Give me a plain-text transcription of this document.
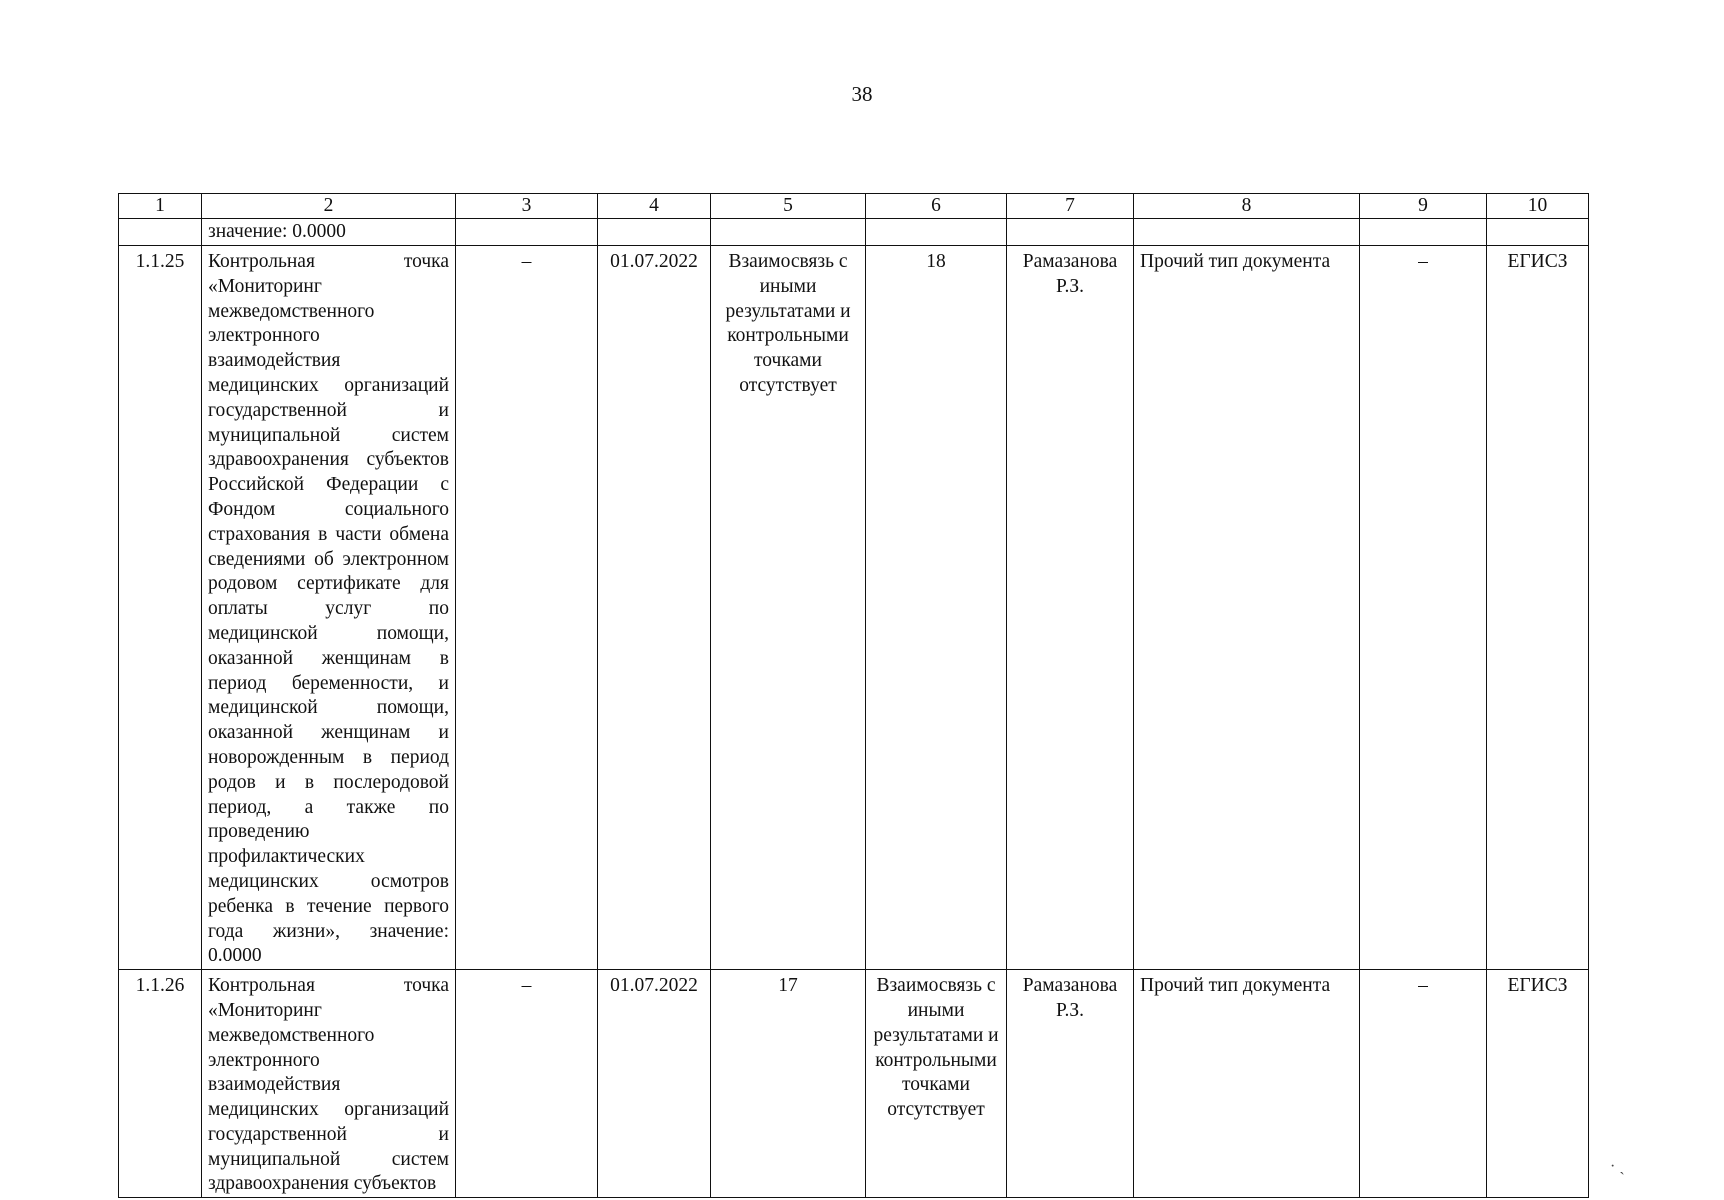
38
1	2	3	4	5	6	7	8	9	10
	значение: 0.0000								
1.1.25	Контрольная точка «Мониторинг межведомственного электронного взаимодействия медицинских организаций государственной и муниципальной систем здравоохранения субъектов Российской Федерации с Фондом социального страхования в части обмена сведениями об электронном родовом сертификате для оплаты услуг по медицинской помощи, оказанной женщинам в период беременности, и медицинской помощи, оказанной женщинам и новорожденным в период родов и в послеродовой период, а также по проведению профилактических медицинских осмотров ребенка в течение первого года жизни», значение: 0.0000	–	01.07.2022	Взаимосвязь с иными результатами и контрольными точками отсутствует	18	Рамазанова Р.З.	Прочий тип документа	–	ЕГИСЗ
1.1.26	Контрольная точка «Мониторинг межведомственного электронного взаимодействия медицинских организаций государственной и муниципальной систем здравоохранения субъектов	–	01.07.2022	17	Взаимосвязь с иными результатами и контрольными точками отсутствует	Рамазанова Р.З.	Прочий тип документа	–	ЕГИСЗ
· ˏ
